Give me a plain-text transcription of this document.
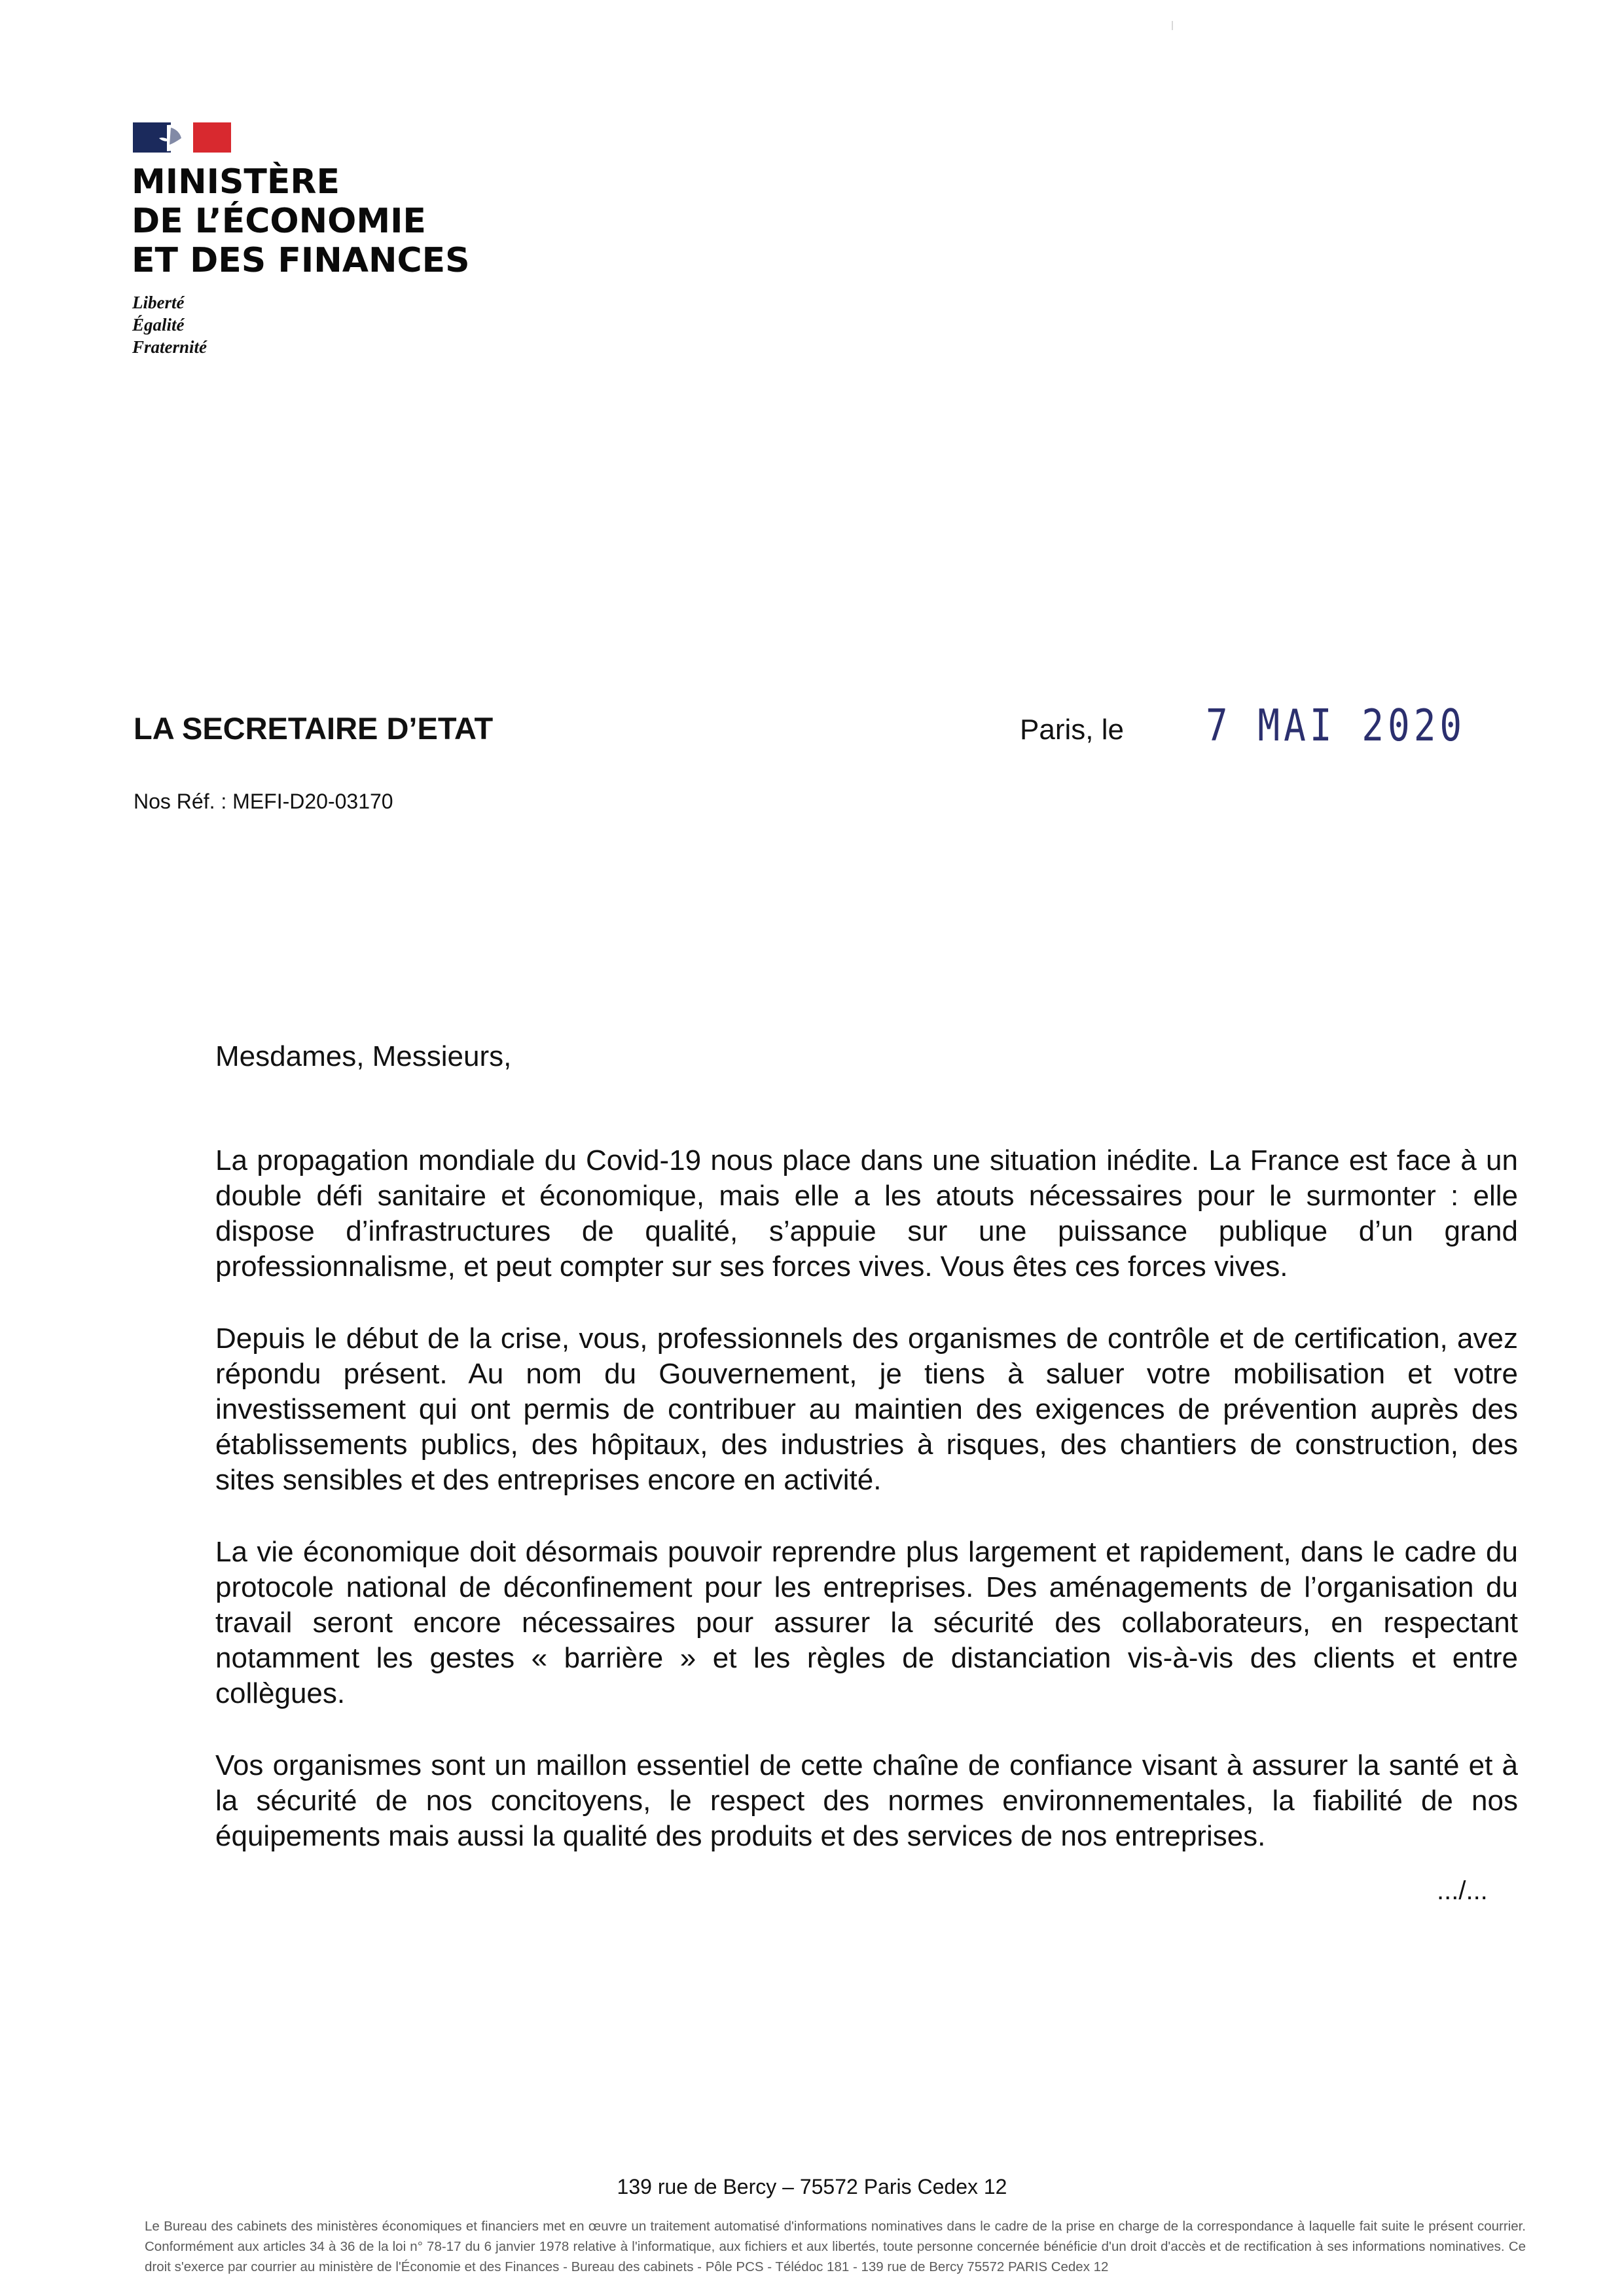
MINISTÈRE
DE L’ÉCONOMIE
ET DES FINANCES
Liberté
Égalité
Fraternité
LA SECRETAIRE D’ETAT	Paris, le 7 MAI 2020
Nos Réf. : MEFI-D20-03170
Mesdames, Messieurs,

La propagation mondiale du Covid-19 nous place dans une situation inédite. La France est face à un double défi sanitaire et économique, mais elle a les atouts nécessaires pour le surmonter : elle dispose d’infrastructures de qualité, s’appuie sur une puissance publique d’un grand professionnalisme, et peut compter sur ses forces vives. Vous êtes ces forces vives.

Depuis le début de la crise, vous, professionnels des organismes de contrôle et de certification, avez répondu présent. Au nom du Gouvernement, je tiens à saluer votre mobilisation et votre investissement qui ont permis de contribuer au maintien des exigences de prévention auprès des établissements publics, des hôpitaux, des industries à risques, des chantiers de construction, des sites sensibles et des entreprises encore en activité.

La vie économique doit désormais pouvoir reprendre plus largement et rapidement, dans le cadre du protocole national de déconfinement pour les entreprises. Des aménagements de l’organisation du travail seront encore nécessaires pour assurer la sécurité des collaborateurs, en respectant notamment les gestes « barrière » et les règles de distanciation vis-à-vis des clients et entre collègues.

Vos organismes sont un maillon essentiel de cette chaîne de confiance visant à assurer la santé et à la sécurité de nos concitoyens, le respect des normes environnementales, la fiabilité de nos équipements mais aussi la qualité des produits et des services de nos entreprises.

.../...
139 rue de Bercy – 75572 Paris Cedex 12
Le Bureau des cabinets des ministères économiques et financiers met en œuvre un traitement automatisé d'informations nominatives dans le cadre de la prise en charge de la correspondance à laquelle fait suite le présent courrier. Conformément aux articles 34 à 36 de la loi n° 78-17 du 6 janvier 1978 relative à l'informatique, aux fichiers et aux libertés, toute personne concernée bénéficie d'un droit d'accès et de rectification à ses informations nominatives. Ce droit s'exerce par courrier au ministère de l'Économie et des Finances - Bureau des cabinets - Pôle PCS - Télédoc 181 - 139 rue de Bercy 75572 PARIS Cedex 12
